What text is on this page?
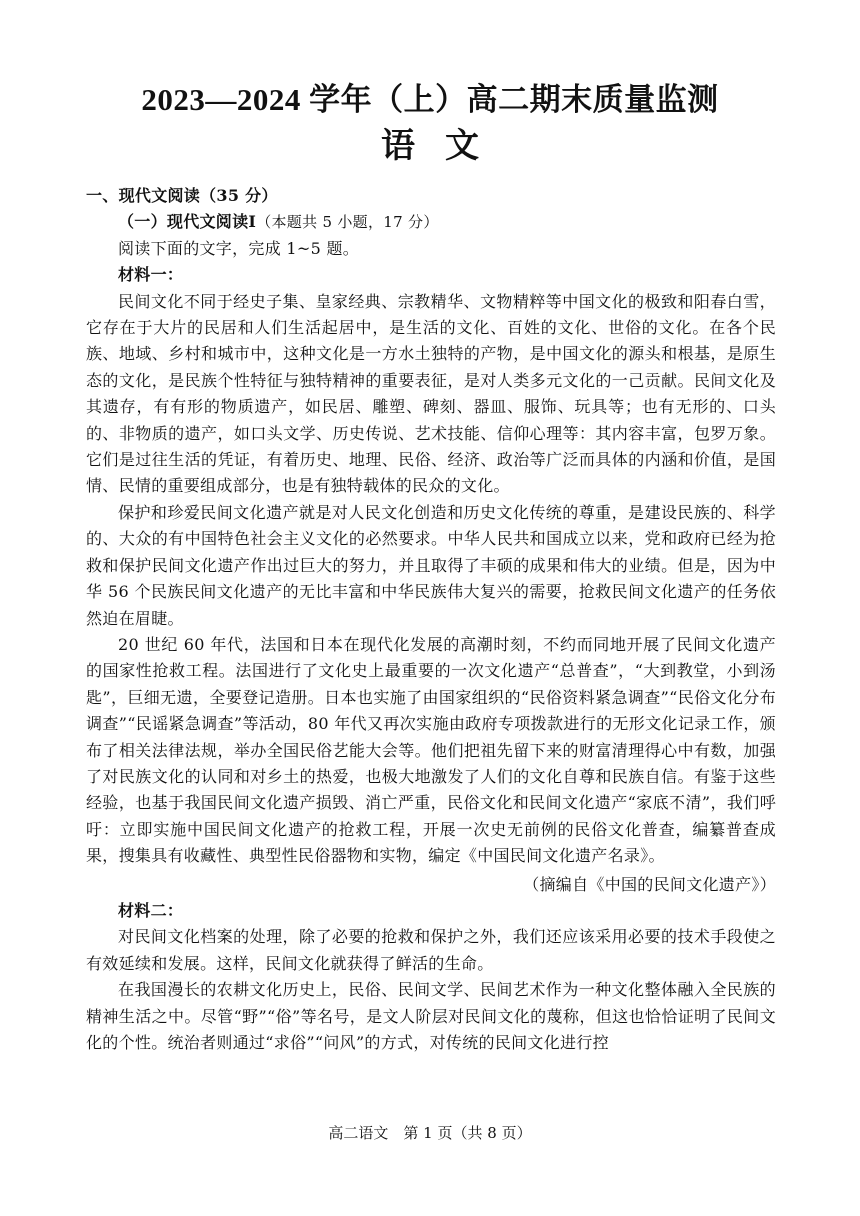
2023—2024 学年（上）高二期末质量监测
语文

一、现代文阅读（35 分）

（一）现代文阅读Ⅰ（本题共 5 小题，17 分）

阅读下面的文字，完成 1~5 题。

材料一：

民间文化不同于经史子集、皇家经典、宗教精华、文物精粹等中国文化的极致和阳春白雪，它存在于大片的民居和人们生活起居中，是生活的文化、百姓的文化、世俗的文化。在各个民族、地域、乡村和城市中，这种文化是一方水土独特的产物，是中国文化的源头和根基，是原生态的文化，是民族个性特征与独特精神的重要表征，是对人类多元文化的一己贡献。民间文化及其遗存，有有形的物质遗产，如民居、雕塑、碑刻、器皿、服饰、玩具等；也有无形的、口头的、非物质的遗产，如口头文学、历史传说、艺术技能、信仰心理等：其内容丰富，包罗万象。它们是过往生活的凭证，有着历史、地理、民俗、经济、政治等广泛而具体的内涵和价值，是国情、民情的重要组成部分，也是有独特载体的民众的文化。

保护和珍爱民间文化遗产就是对人民文化创造和历史文化传统的尊重，是建设民族的、科学的、大众的有中国特色社会主义文化的必然要求。中华人民共和国成立以来，党和政府已经为抢救和保护民间文化遗产作出过巨大的努力，并且取得了丰硕的成果和伟大的业绩。但是，因为中华 56 个民族民间文化遗产的无比丰富和中华民族伟大复兴的需要，抢救民间文化遗产的任务依然迫在眉睫。

20 世纪 60 年代，法国和日本在现代化发展的高潮时刻，不约而同地开展了民间文化遗产的国家性抢救工程。法国进行了文化史上最重要的一次文化遗产“总普查”，“大到教堂，小到汤匙”，巨细无遗，全要登记造册。日本也实施了由国家组织的“民俗资料紧急调查”“民俗文化分布调查”“民谣紧急调查”等活动，80 年代又再次实施由政府专项拨款进行的无形文化记录工作，颁布了相关法律法规，举办全国民俗艺能大会等。他们把祖先留下来的财富清理得心中有数，加强了对民族文化的认同和对乡土的热爱，也极大地激发了人们的文化自尊和民族自信。有鉴于这些经验，也基于我国民间文化遗产损毁、消亡严重，民俗文化和民间文化遗产“家底不清”，我们呼吁：立即实施中国民间文化遗产的抢救工程，开展一次史无前例的民俗文化普查，编纂普查成果，搜集具有收藏性、典型性民俗器物和实物，编定《中国民间文化遗产名录》。

（摘编自《中国的民间文化遗产》）

材料二：

对民间文化档案的处理，除了必要的抢救和保护之外，我们还应该采用必要的技术手段使之有效延续和发展。这样，民间文化就获得了鲜活的生命。

在我国漫长的农耕文化历史上，民俗、民间文学、民间艺术作为一种文化整体融入全民族的精神生活之中。尽管“野”“俗”等名号，是文人阶层对民间文化的蔑称，但这也恰恰证明了民间文化的个性。统治者则通过“求俗”“问风”的方式，对传统的民间文化进行控

高二语文　第 1 页（共 8 页）
